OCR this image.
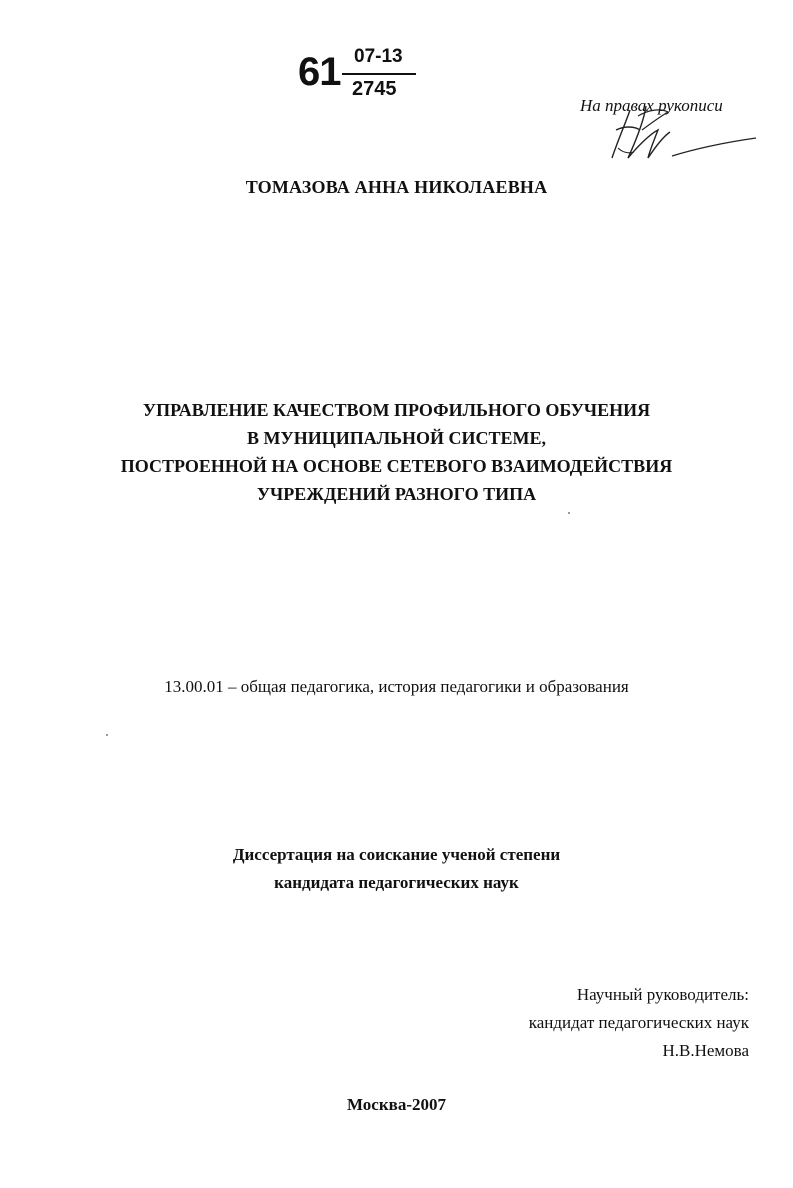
61 07-13
2745
На правах рукописи
ТОМАЗОВА АННА НИКОЛАЕВНА
УПРАВЛЕНИЕ КАЧЕСТВОМ ПРОФИЛЬНОГО ОБУЧЕНИЯ
В МУНИЦИПАЛЬНОЙ СИСТЕМЕ,
ПОСТРОЕННОЙ НА ОСНОВЕ СЕТЕВОГО ВЗАИМОДЕЙСТВИЯ
УЧРЕЖДЕНИЙ РАЗНОГО ТИПА
13.00.01 – общая педагогика, история педагогики и образования
Диссертация на соискание ученой степени
кандидата педагогических наук
Научный руководитель:
кандидат педагогических наук
Н.В.Немова
Москва-2007
